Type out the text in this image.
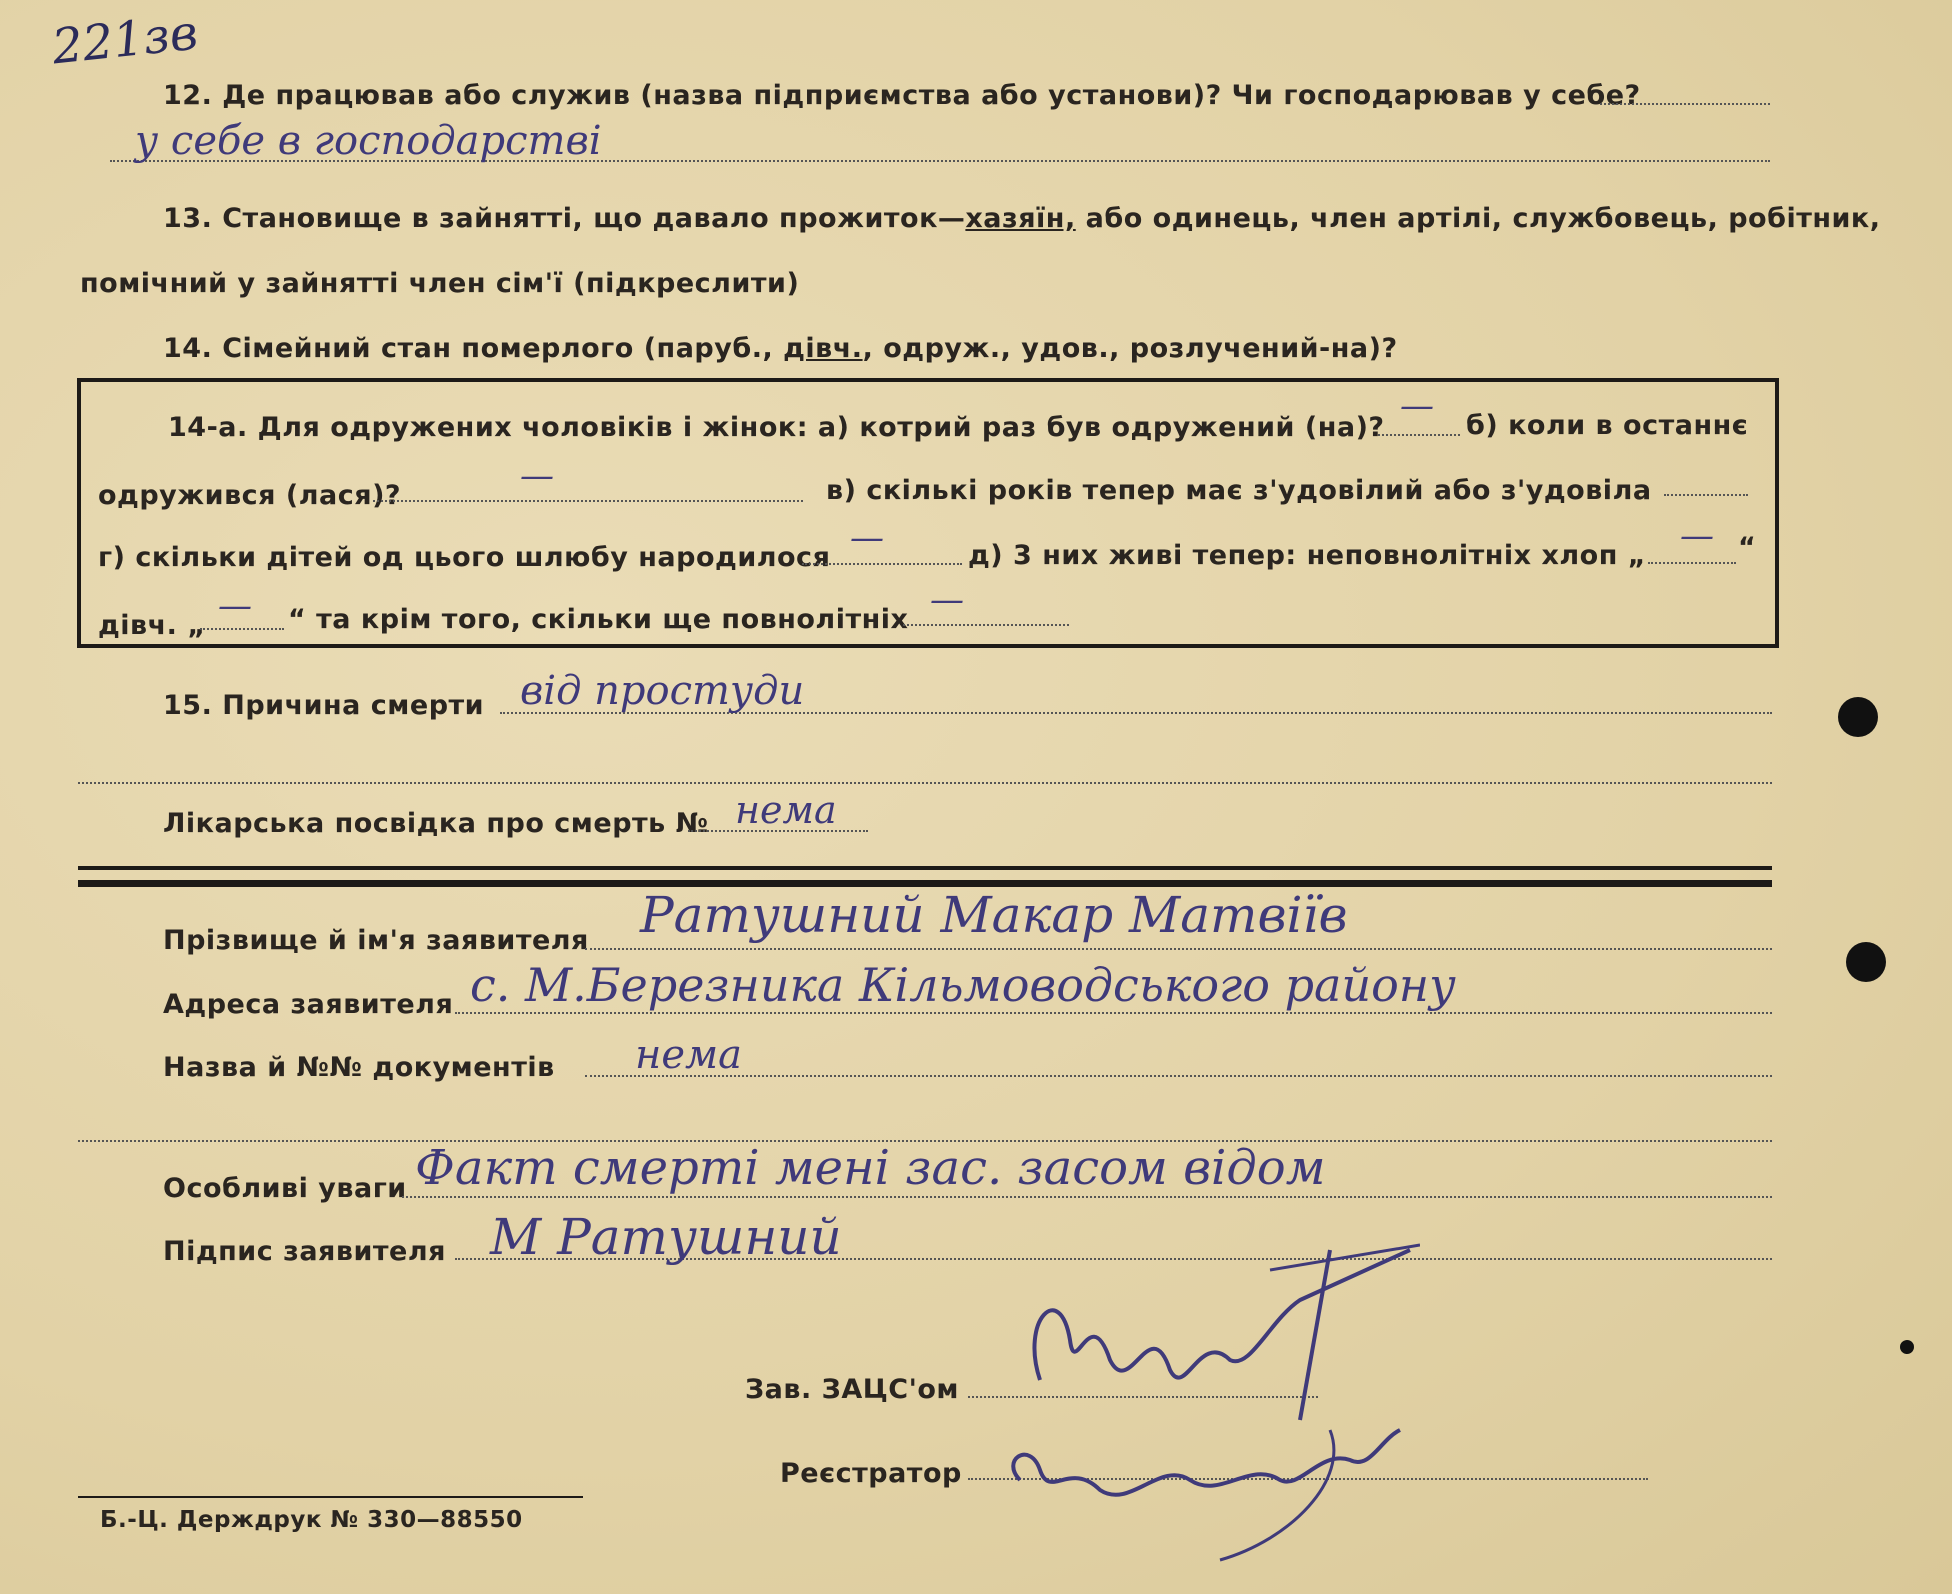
221зв
12. Де працював або служив (назва підприємства або установи)? Чи господарював у себе?
у себе в господарстві
13. Становище в зайнятті, що давало прожиток—хазяїн, або одинець, член артілі, службовець, робітник,
помічний у зайнятті член сім'ї (підкреслити)
14. Сімейний стан померлого (паруб., дівч., одруж., удов., розлучений-на)?
14-а. Для одружених чоловіків і жінок: а) котрий раз був одружений (на)?
— б) коли в останнє
одружився (лася)?	—	в) скількі років тепер має з'удовілий або з'удовіла
г) скільки дітей од цього шлюбу народилося —	д) 3 них живі тепер: неповнолітніх хлоп „ — “
дівч. „ — “ та крім того, скільки ще повнолітніх —
15. Причина смерти від простуди
Лікарська посвідка про смерть № нема
Прізвище й ім'я заявителя Ратушний Макар Матвіїв
Адреса заявителя с. М.Березника Кільмоводського району
Назва й №№ документів нема
Особливі уваги Факт смерті мені зас. засом відом
Підпис заявителя М Ратушний
Зав. ЗАЦС'ом
Реєстратор
Б.-Ц. Держдрук № 330—88550
